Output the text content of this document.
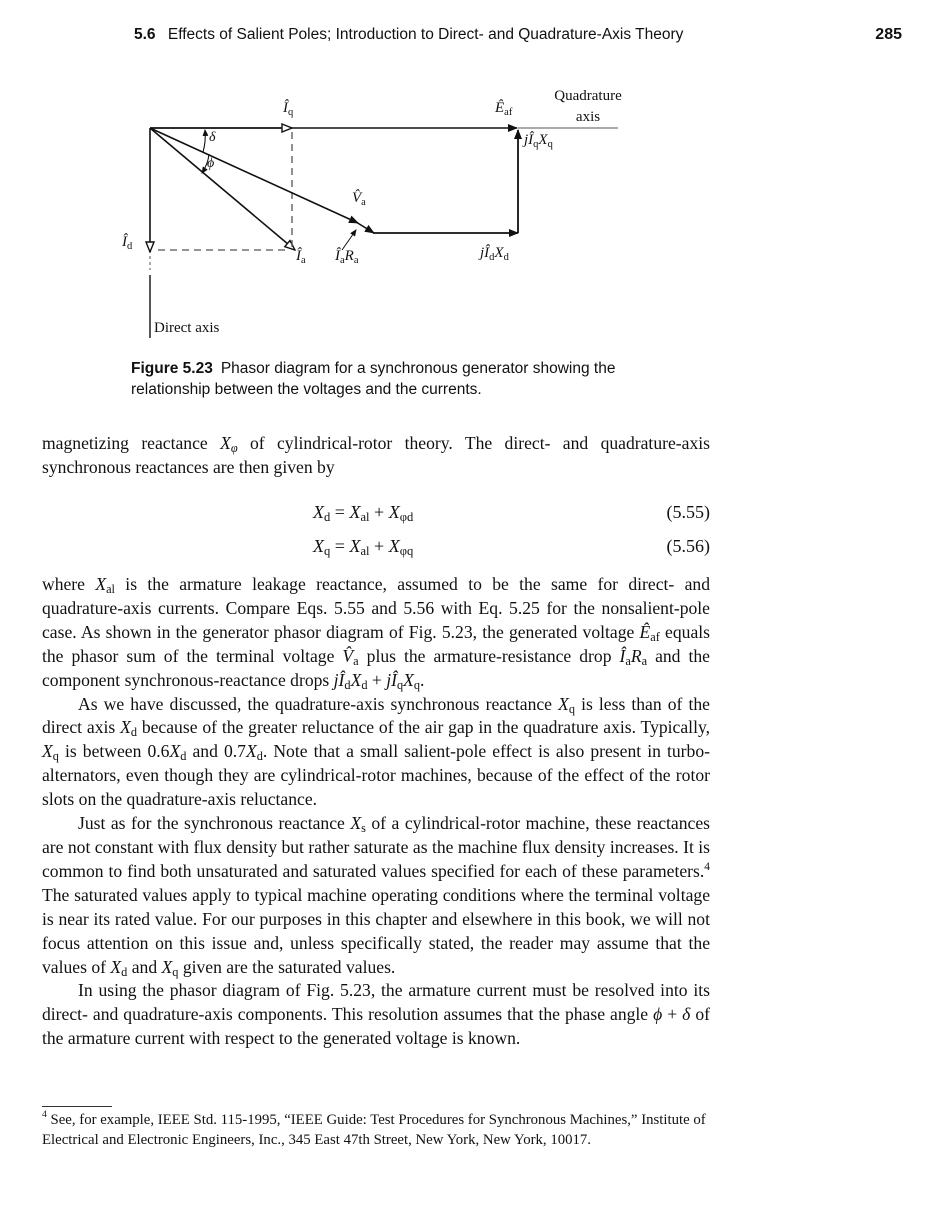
5.6 Effects of Salient Poles; Introduction to Direct- and Quadrature-Axis Theory	285
$Î_q$	$Ê_{af}$
Quadrature
axis
$jÎ_qX_q$
δ
ϕ
$V̂_a$
$Î_d$
$Î_a$ $Î_aR_a$	$jÎ_dX_d$
Direct axis
Figure 5.23 Phasor diagram for a synchronous generator showing the relationship between the voltages and the currents.

magnetizing reactance $X_\varphi$ of cylindrical-rotor theory. The direct- and quadrature-axis synchronous reactances are then given by

$X_d = X_{al} + X_{\varphi d}$	(5.55)
$X_q = X_{al} + X_{\varphi q}$	(5.56)

where $X_{al}$ is the armature leakage reactance, assumed to be the same for direct- and quadrature-axis currents. Compare Eqs. 5.55 and 5.56 with Eq. 5.25 for the nonsalient-pole case. As shown in the generator phasor diagram of Fig. 5.23, the generated voltage $Ê_{af}$ equals the phasor sum of the terminal voltage $V̂_a$ plus the armature-resistance drop $Î_aR_a$ and the component synchronous-reactance drops $jÎ_dX_d$ + $jÎ_qX_q$.

As we have discussed, the quadrature-axis synchronous reactance $X_q$ is less than of the direct axis $X_d$ because of the greater reluctance of the air gap in the quadrature axis. Typically, $X_q$ is between $0.6X_d$ and $0.7X_d$. Note that a small salient-pole effect is also present in turbo-alternators, even though they are cylindrical-rotor machines, because of the effect of the rotor slots on the quadrature-axis reluctance.

Just as for the synchronous reactance $X_s$ of a cylindrical-rotor machine, these reactances are not constant with flux density but rather saturate as the machine flux density increases. It is common to find both unsaturated and saturated values specified for each of these parameters.$^4$ The saturated values apply to typical machine operating conditions where the terminal voltage is near its rated value. For our purposes in this chapter and elsewhere in this book, we will not focus attention on this issue and, unless specifically stated, the reader may assume that the values of $X_d$ and $X_q$ given are the saturated values.

In using the phasor diagram of Fig. 5.23, the armature current must be resolved into its direct- and quadrature-axis components. This resolution assumes that the phase angle ϕ + δ of the armature current with respect to the generated voltage is known.

$^4$ See, for example, IEEE Std. 115-1995, “IEEE Guide: Test Procedures for Synchronous Machines,” Institute of Electrical and Electronic Engineers, Inc., 345 East 47th Street, New York, New York, 10017.
